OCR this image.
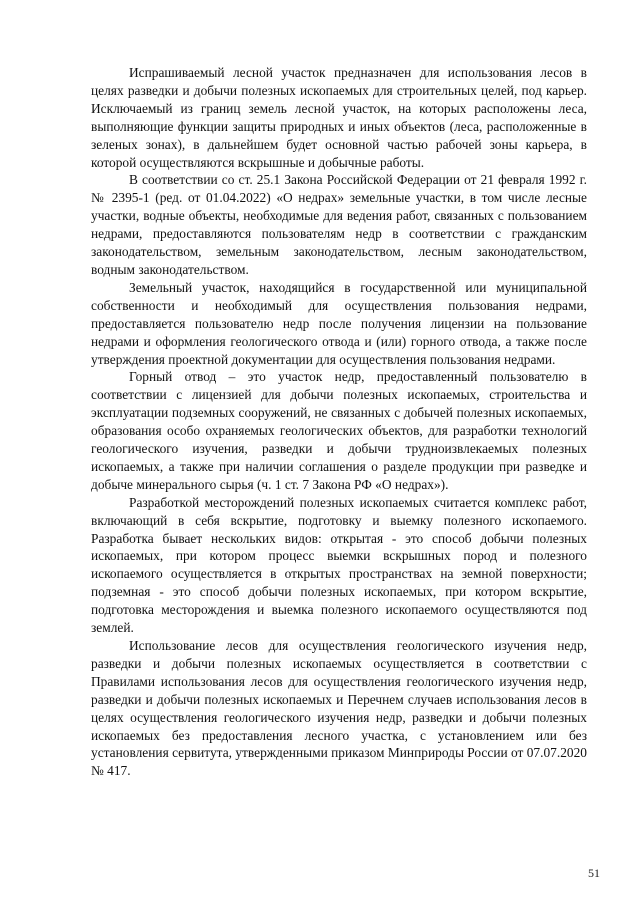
Испрашиваемый лесной участок предназначен для использования лесов в целях разведки и добычи полезных ископаемых для строительных целей, под карьер. Исключаемый из границ земель лесной участок, на которых расположены леса, выполняющие функции защиты природных и иных объектов (леса, расположенные в зеленых зонах), в дальнейшем будет основной частью рабочей зоны карьера, в которой осуществляются вскрышные и добычные работы.

В соответствии со ст. 25.1 Закона Российской Федерации от 21 февраля 1992 г. № 2395-1 (ред. от 01.04.2022) «О недрах» земельные участки, в том числе лесные участки, водные объекты, необходимые для ведения работ, связанных с пользованием недрами, предоставляются пользователям недр в соответствии с гражданским законодательством, земельным законодательством, лесным законодательством, водным законодательством.

Земельный участок, находящийся в государственной или муниципальной собственности и необходимый для осуществления пользования недрами, предоставляется пользователю недр после получения лицензии на пользование недрами и оформления геологического отвода и (или) горного отвода, а также после утверждения проектной документации для осуществления пользования недрами.

Горный отвод – это участок недр, предоставленный пользователю в соответствии с лицензией для добычи полезных ископаемых, строительства и эксплуатации подземных сооружений, не связанных с добычей полезных ископаемых, образования особо охраняемых геологических объектов, для разработки технологий геологического изучения, разведки и добычи трудноизвлекаемых полезных ископаемых, а также при наличии соглашения о разделе продукции при разведке и добыче минерального сырья (ч. 1 ст. 7 Закона РФ «О недрах»).

Разработкой месторождений полезных ископаемых считается комплекс работ, включающий в себя вскрытие, подготовку и выемку полезного ископаемого. Разработка бывает нескольких видов: открытая - это способ добычи полезных ископаемых, при котором процесс выемки вскрышных пород и полезного ископаемого осуществляется в открытых пространствах на земной поверхности; подземная - это способ добычи полезных ископаемых, при котором вскрытие, подготовка месторождения и выемка полезного ископаемого осуществляются под землей.

Использование лесов для осуществления геологического изучения недр, разведки и добычи полезных ископаемых осуществляется в соответствии с Правилами использования лесов для осуществления геологического изучения недр, разведки и добычи полезных ископаемых и Перечнем случаев использования лесов в целях осуществления геологического изучения недр, разведки и добычи полезных ископаемых без предоставления лесного участка, с установлением или без установления сервитута, утвержденными приказом Минприроды России от 07.07.2020 № 417.

51
